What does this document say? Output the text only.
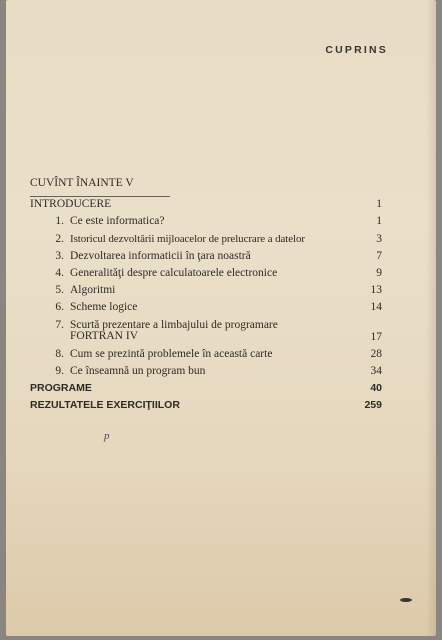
CUPRINS
CUVÎNT ÎNAINTE V
INTRODUCERE	1
1. Ce este informatica?	1
2. Istoricul dezvoltării mijloacelor de prelucrare a datelor	3
3. Dezvoltarea informaticii în ţara noastră	7
4. Generalităţi despre calculatoarele electronice	9
5. Algoritmi	13
6. Scheme logice	14
7. Scurtă prezentare a limbajului de programare
FORTRAN IV	17
8. Cum se prezintă problemele în această carte	28
9. Ce înseamnă un program bun	34
PROGRAME	40
REZULTATELE EXERCIŢIILOR	259
p
